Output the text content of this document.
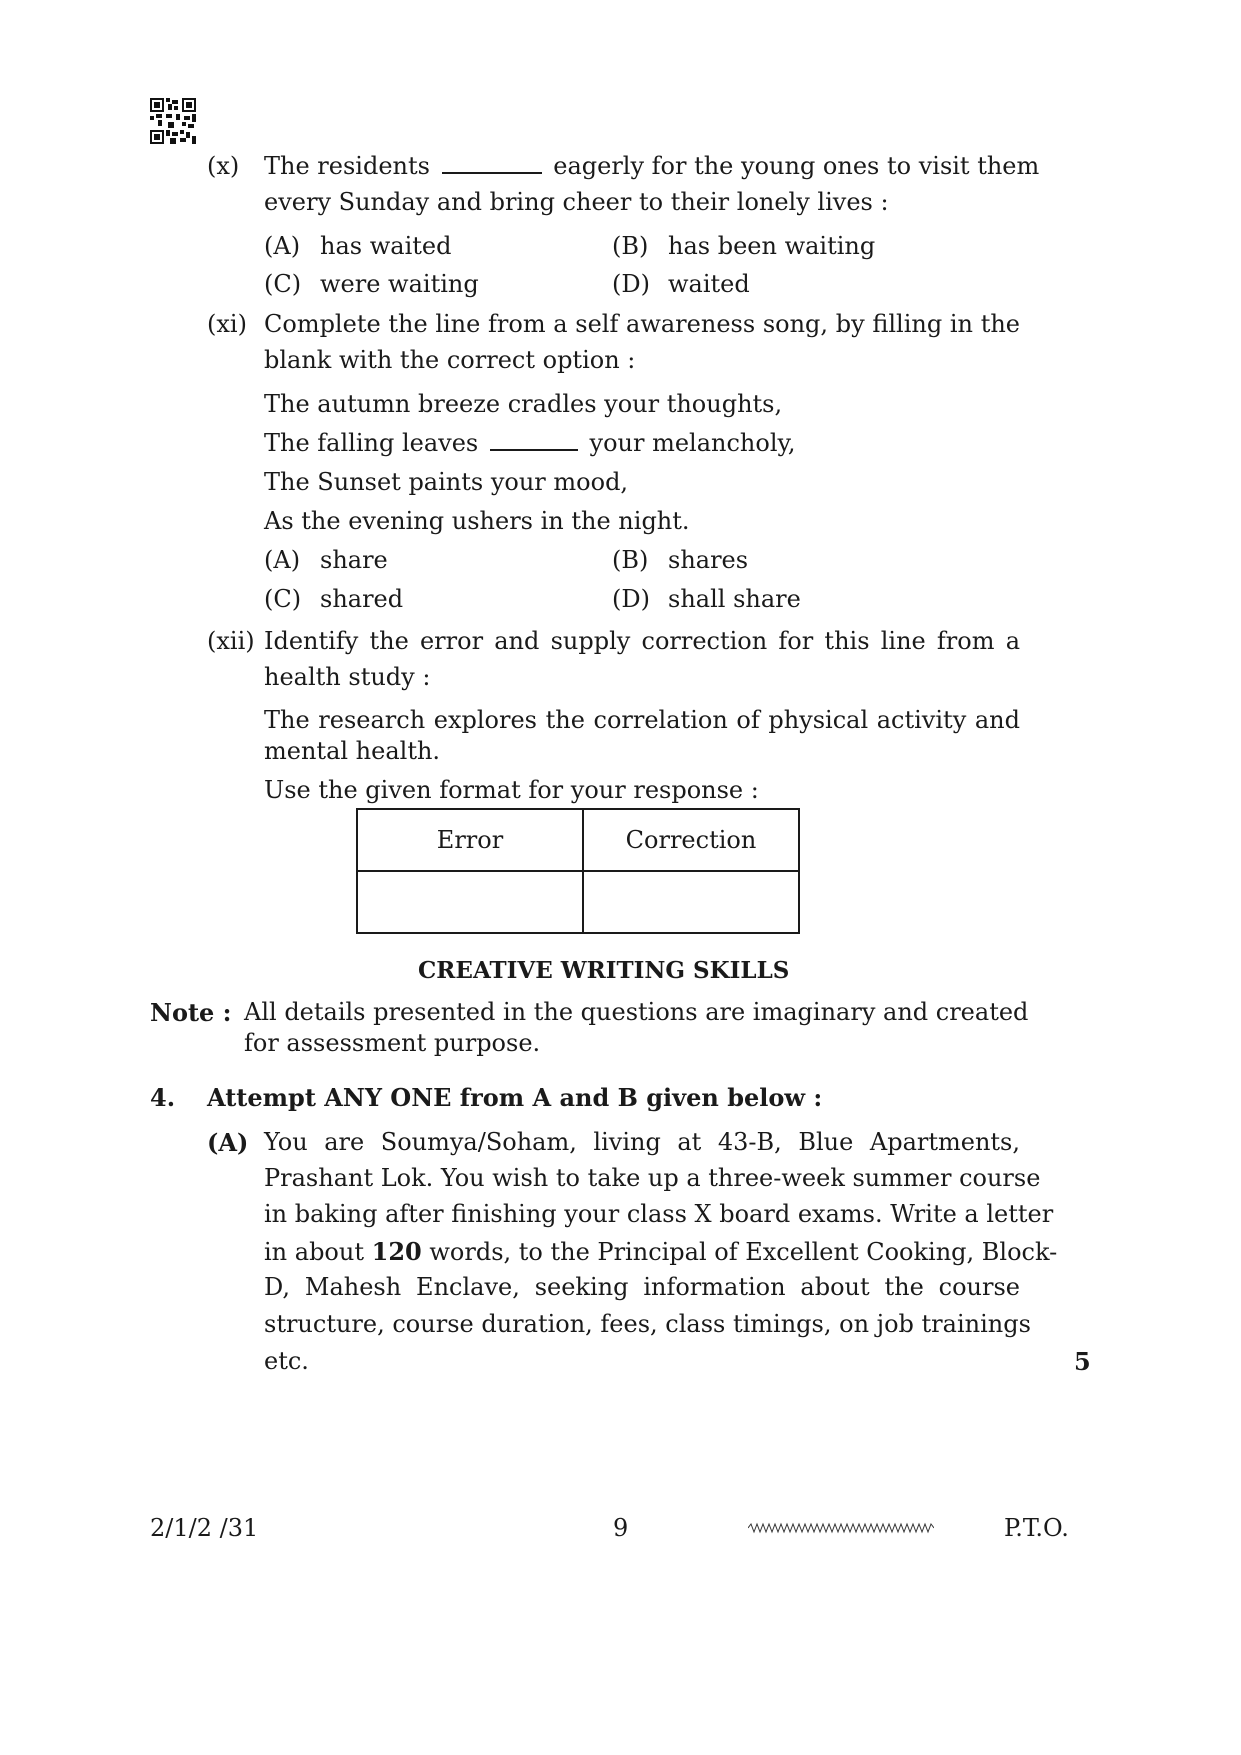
(x) The residents	eagerly for the young ones to visit them
every Sunday and bring cheer to their lonely lives :
(A) has waited	(B) has been waiting
(C) were waiting	(D) waited
(xi) Complete the line from a self awareness song, by filling in the
blank with the correct option :
The autumn breeze cradles your thoughts,
The falling leaves	your melancholy,
The Sunset paints your mood,
As the evening ushers in the night.
(A) share	(B) shares
(C) shared	(D) shall share
(xii) Identify the error and supply correction for this line from a
health study :
The research explores the correlation of physical activity and
mental health.
Use the given format for your response :
Error	Correction

CREATIVE WRITING SKILLS
Note : All details presented in the questions are imaginary and created
for assessment purpose.
4. Attempt ANY ONE from A and B given below :
(A) You are Soumya/Soham, living at 43-B, Blue Apartments,
Prashant Lok. You wish to take up a three-week summer course
in baking after finishing your class X board exams. Write a letter
in about 120 words, to the Principal of Excellent Cooking, Block-
D, Mahesh Enclave, seeking information about the course
structure, course duration, fees, class timings, on job trainings
etc.	5
2/1/2 /31	9	P.T.O.
